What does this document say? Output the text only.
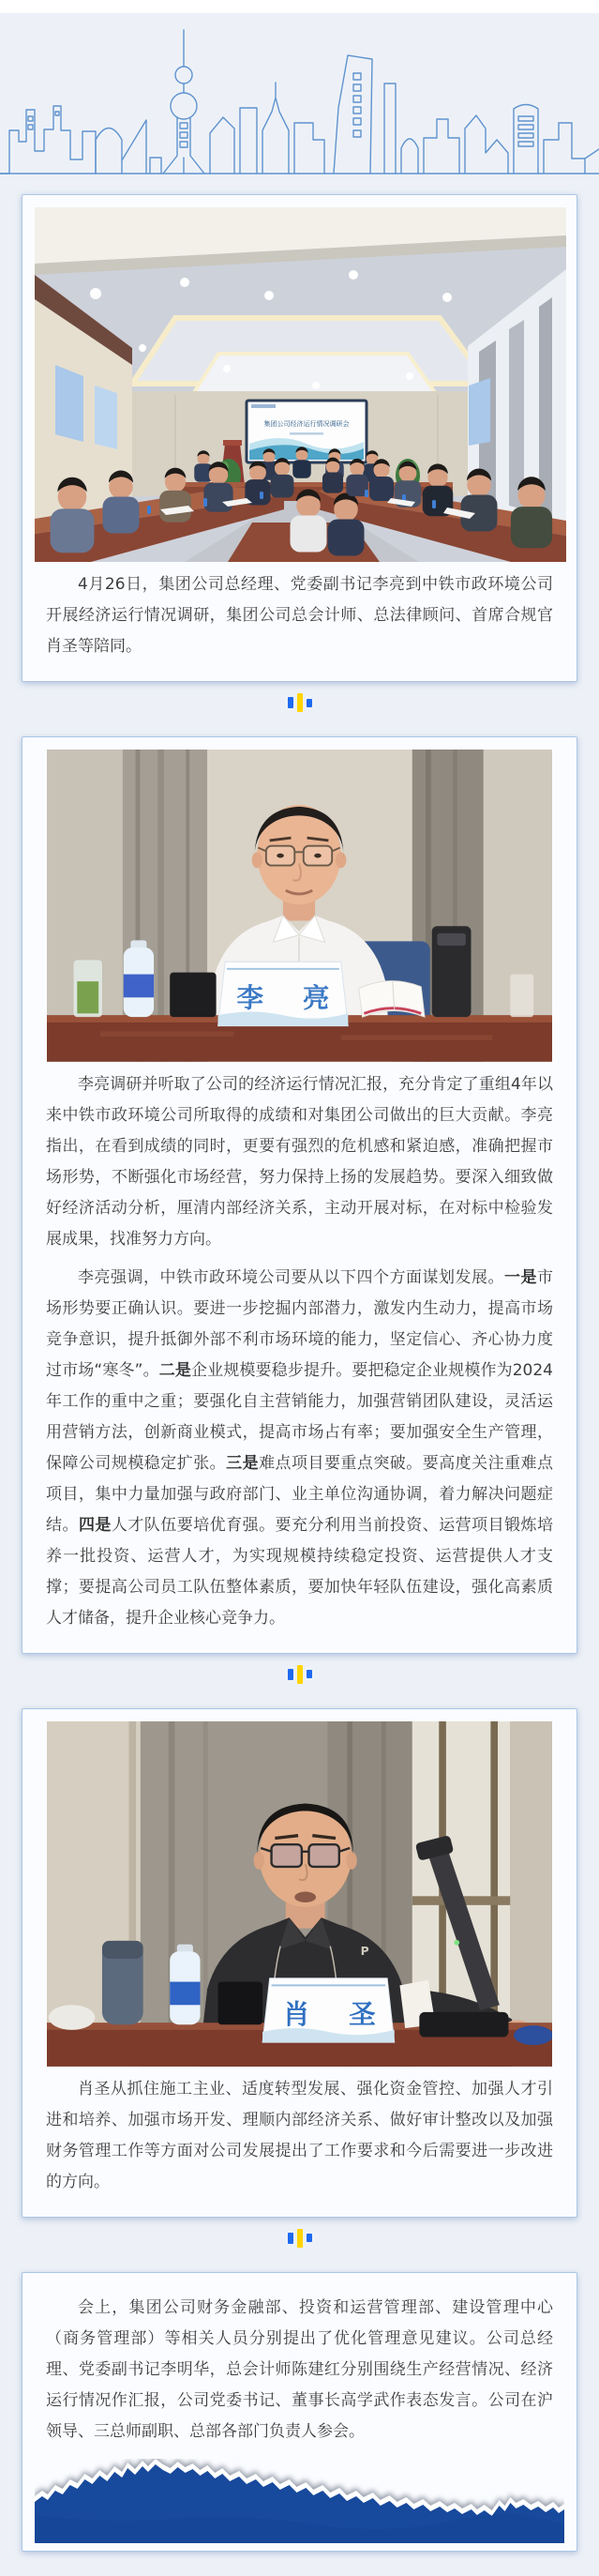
集团公司经济运行情况调研会

4月26日，集团公司总经理、党委副书记李亮到中铁市政环境公司开展经济运行情况调研，集团公司总会计师、总法律顾问、首席合规官肖圣等陪同。

李 亮

李亮调研并听取了公司的经济运行情况汇报，充分肯定了重组4年以来中铁市政环境公司所取得的成绩和对集团公司做出的巨大贡献。李亮指出，在看到成绩的同时，更要有强烈的危机感和紧迫感，准确把握市场形势，不断强化市场经营，努力保持上扬的发展趋势。要深入细致做好经济活动分析，厘清内部经济关系，主动开展对标，在对标中检验发展成果，找准努力方向。

李亮强调，中铁市政环境公司要从以下四个方面谋划发展。一是市场形势要正确认识。要进一步挖掘内部潜力，激发内生动力，提高市场竞争意识，提升抵御外部不利市场环境的能力，坚定信心、齐心协力度过市场“寒冬”。二是企业规模要稳步提升。要把稳定企业规模作为2024年工作的重中之重；要强化自主营销能力，加强营销团队建设，灵活运用营销方法，创新商业模式，提高市场占有率；要加强安全生产管理，保障公司规模稳定扩张。三是难点项目要重点突破。要高度关注重难点项目，集中力量加强与政府部门、业主单位沟通协调，着力解决问题症结。四是人才队伍要培优育强。要充分利用当前投资、运营项目锻炼培养一批投资、运营人才，为实现规模持续稳定投资、运营提供人才支撑；要提高公司员工队伍整体素质，要加快年轻队伍建设，强化高素质人才储备，提升企业核心竞争力。

P
肖 圣

肖圣从抓住施工主业、适度转型发展、强化资金管控、加强人才引进和培养、加强市场开发、理顺内部经济关系、做好审计整改以及加强财务管理工作等方面对公司发展提出了工作要求和今后需要进一步改进的方向。

会上，集团公司财务金融部、投资和运营管理部、建设管理中心（商务管理部）等相关人员分别提出了优化管理意见建议。公司总经理、党委副书记李明华，总会计师陈建红分别围绕生产经营情况、经济运行情况作汇报，公司党委书记、董事长高学武作表态发言。公司在沪领导、三总师副职、总部各部门负责人参会。
